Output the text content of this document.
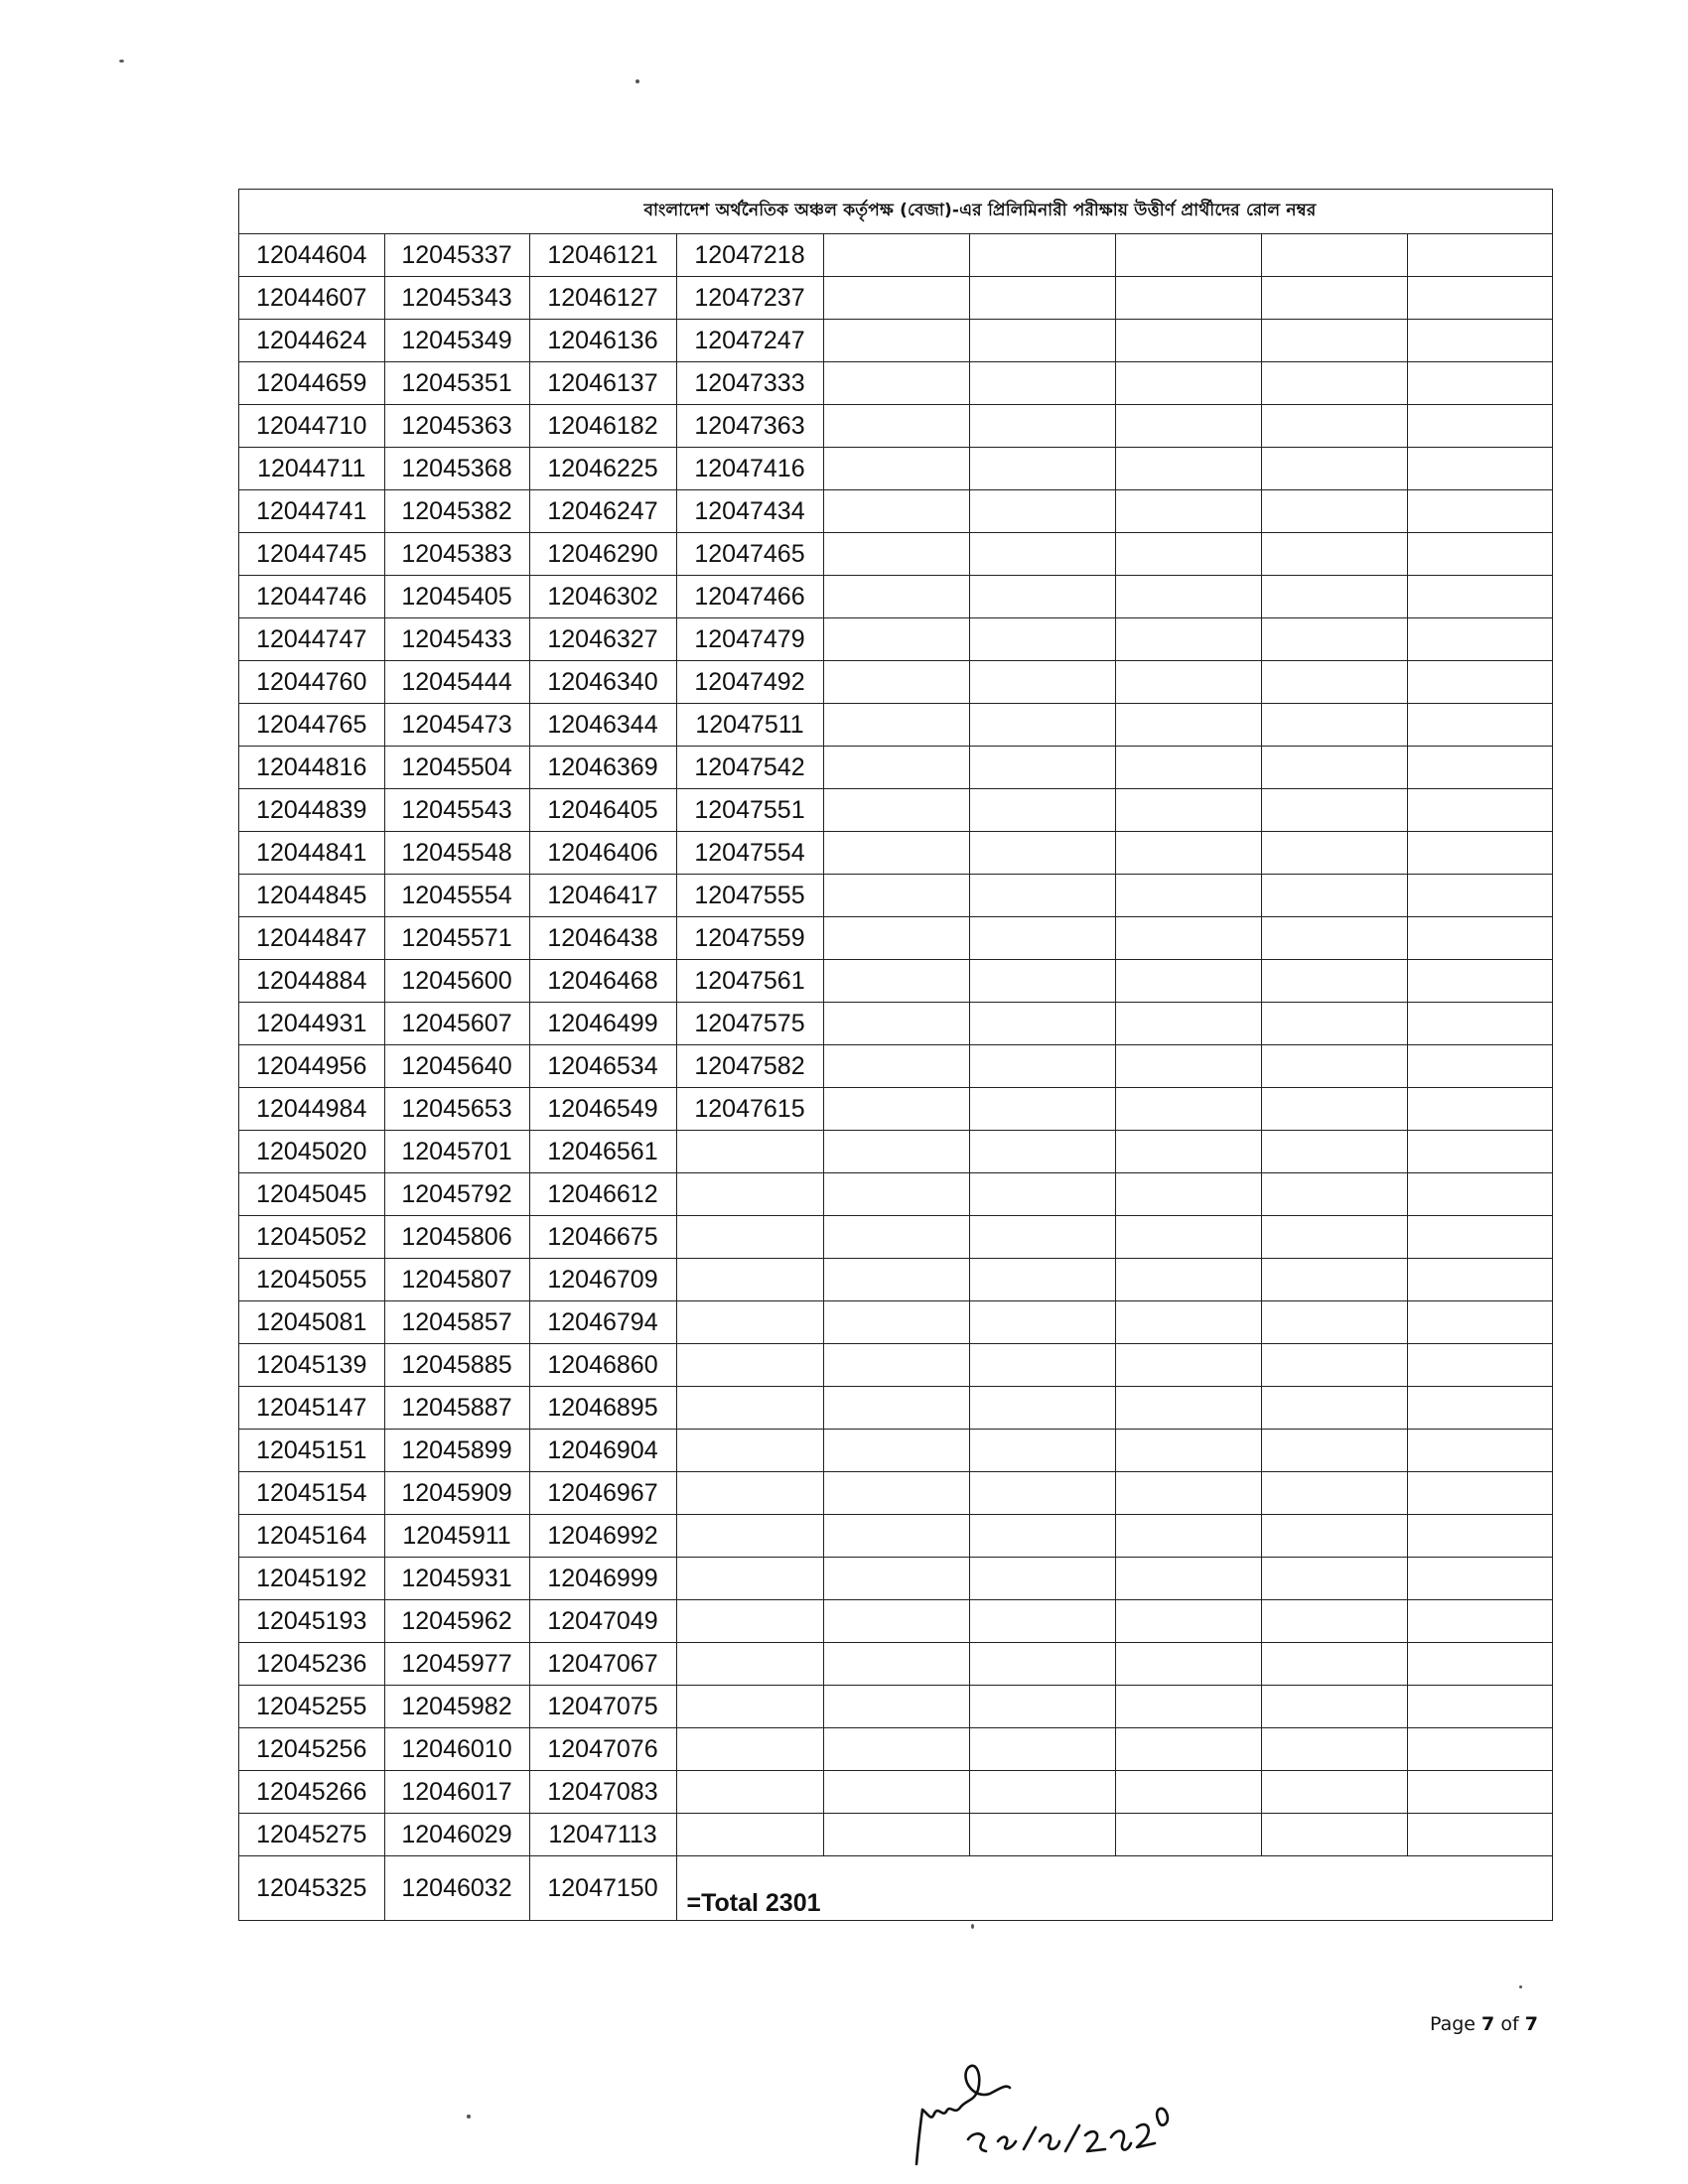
বাংলাদেশ অর্থনৈতিক অঞ্চল কর্তৃপক্ষ (বেজা)-এর প্রিলিমিনারী পরীক্ষায় উত্তীর্ণ প্রার্থীদের রোল নম্বর
12044604	12045337	12046121	12047218					
12044607	12045343	12046127	12047237					
12044624	12045349	12046136	12047247					
12044659	12045351	12046137	12047333					
12044710	12045363	12046182	12047363					
12044711	12045368	12046225	12047416					
12044741	12045382	12046247	12047434					
12044745	12045383	12046290	12047465					
12044746	12045405	12046302	12047466					
12044747	12045433	12046327	12047479					
12044760	12045444	12046340	12047492					
12044765	12045473	12046344	12047511					
12044816	12045504	12046369	12047542					
12044839	12045543	12046405	12047551					
12044841	12045548	12046406	12047554					
12044845	12045554	12046417	12047555					
12044847	12045571	12046438	12047559					
12044884	12045600	12046468	12047561					
12044931	12045607	12046499	12047575					
12044956	12045640	12046534	12047582					
12044984	12045653	12046549	12047615					
12045020	12045701	12046561						
12045045	12045792	12046612						
12045052	12045806	12046675						
12045055	12045807	12046709						
12045081	12045857	12046794						
12045139	12045885	12046860						
12045147	12045887	12046895						
12045151	12045899	12046904						
12045154	12045909	12046967						
12045164	12045911	12046992						
12045192	12045931	12046999						
12045193	12045962	12047049						
12045236	12045977	12047067						
12045255	12045982	12047075						
12045256	12046010	12047076						
12045266	12046017	12047083						
12045275	12046029	12047113						
12045325	12046032	12047150	=Total 2301					
Page 7 of 7
